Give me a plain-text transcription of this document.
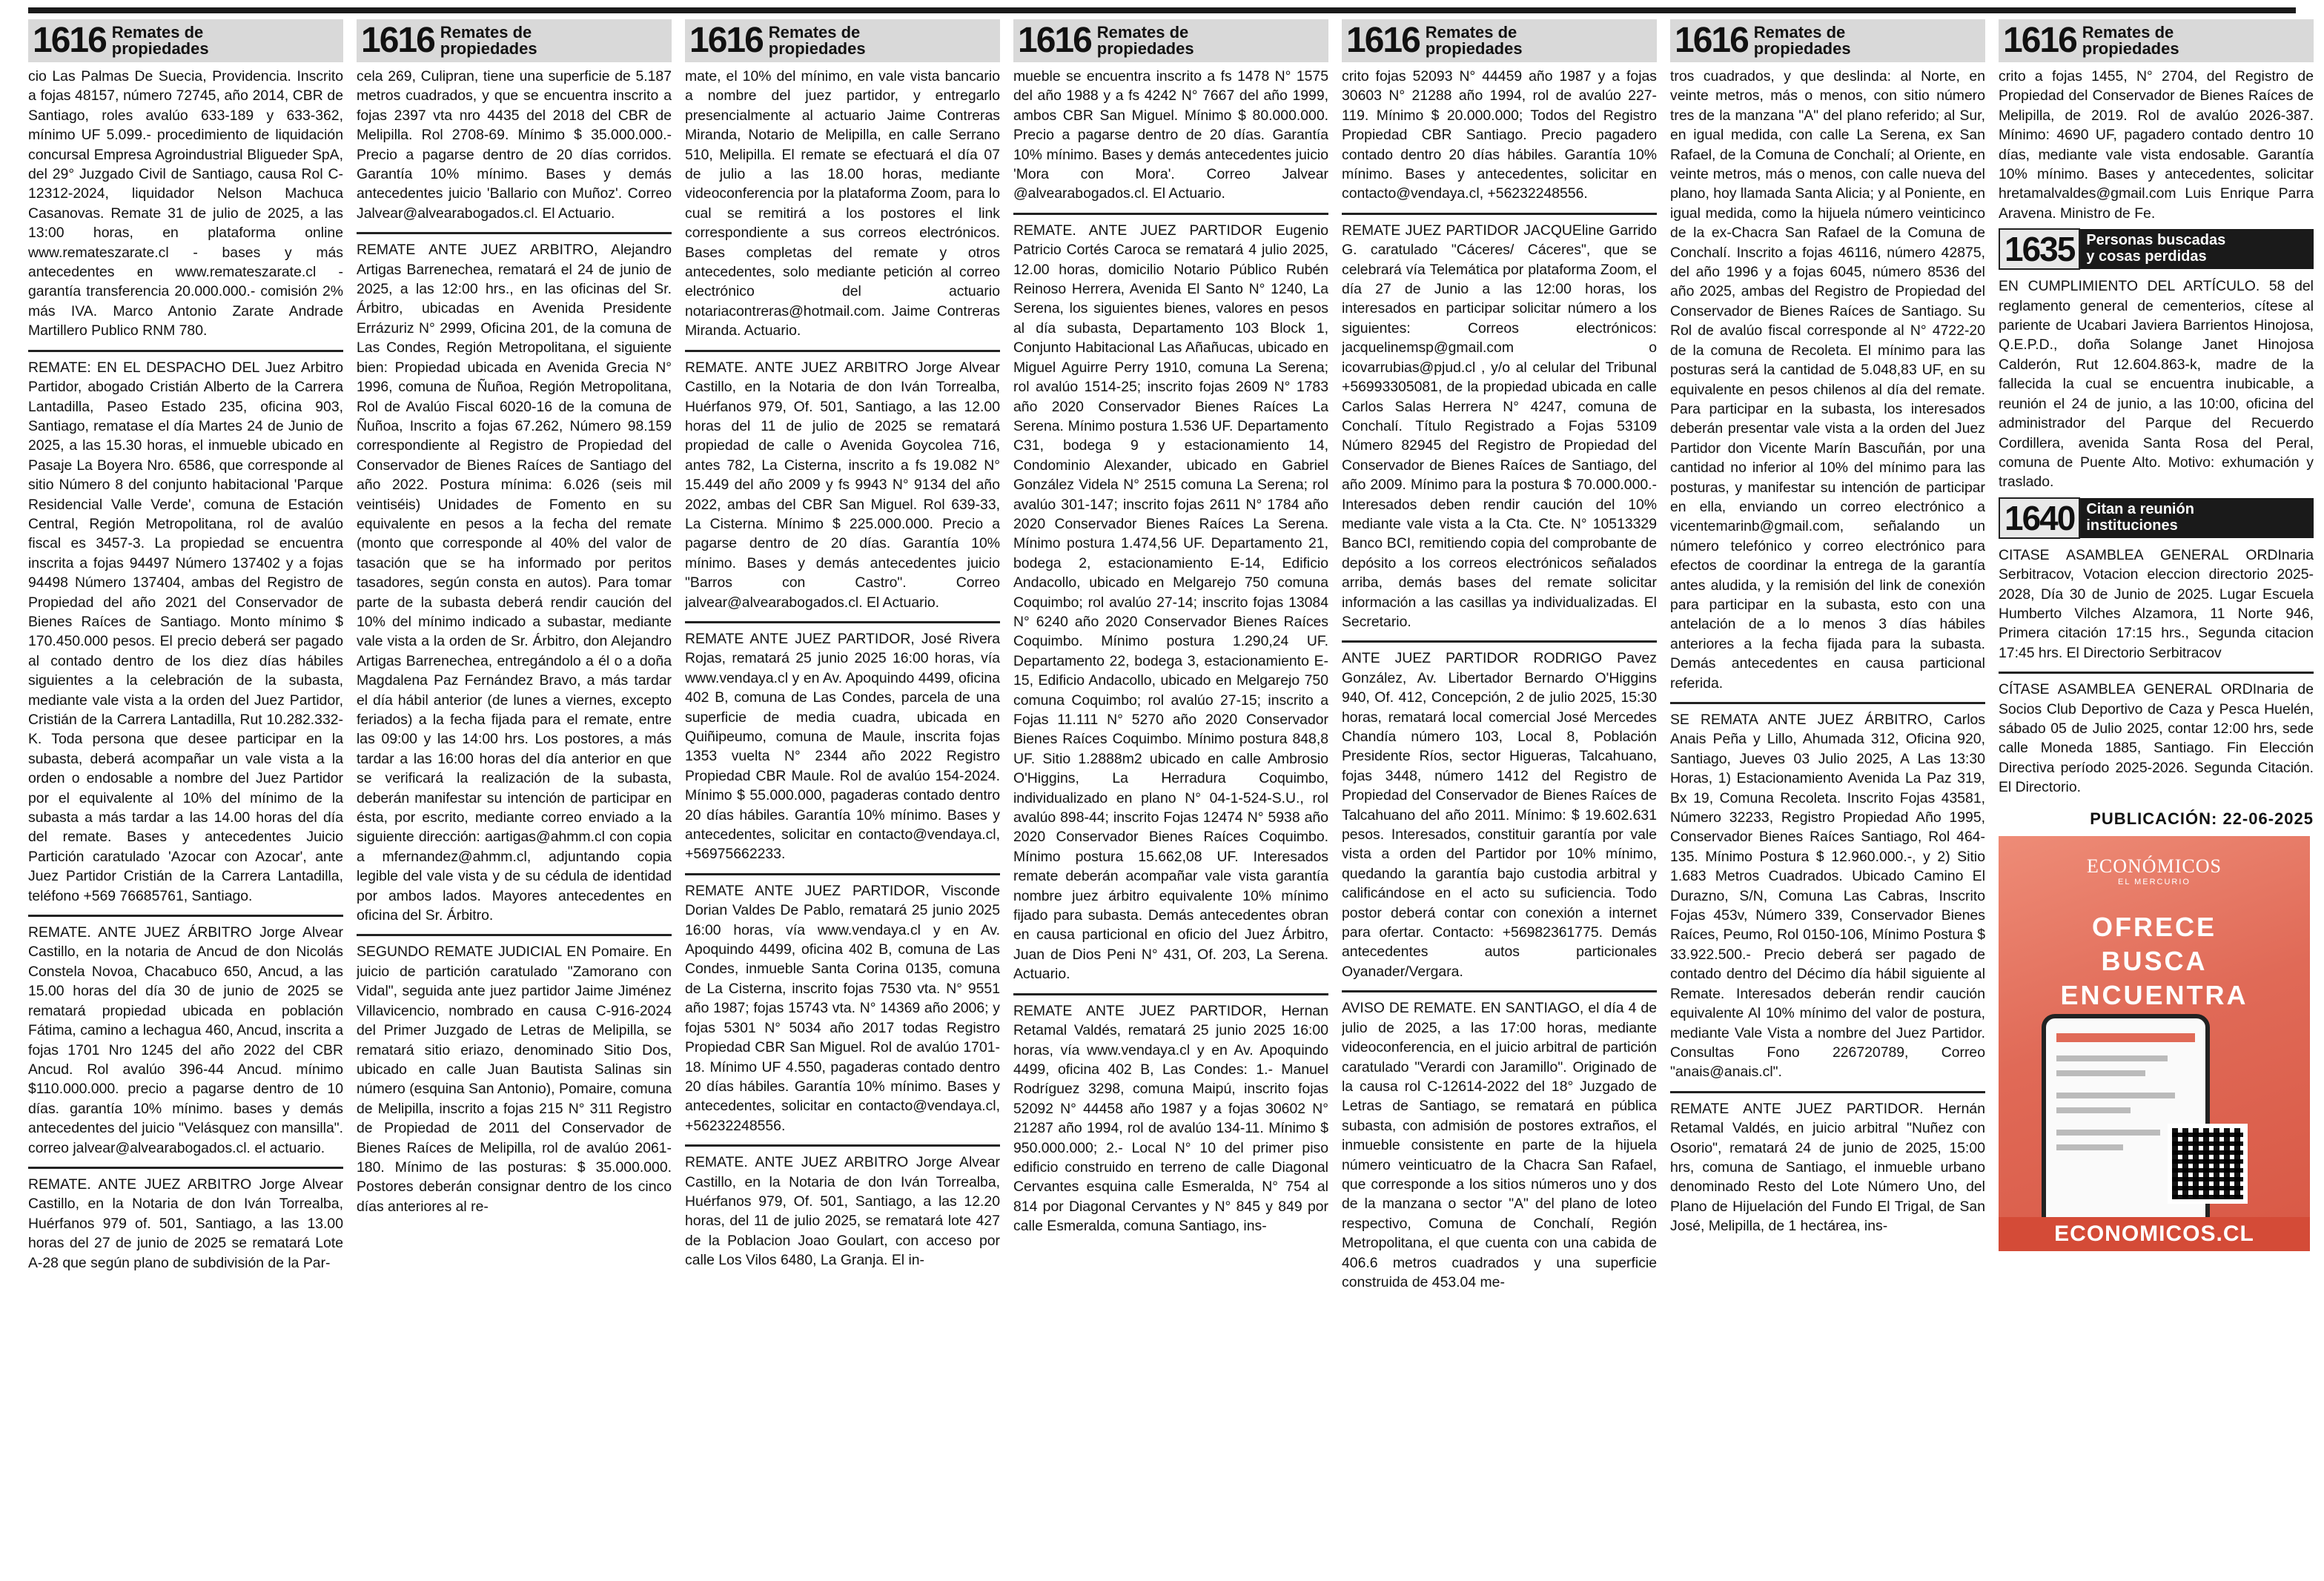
1616 Remates de
propiedades

cio Las Palmas De Suecia, Providencia. Inscrito a fojas 48157, número 72745, año 2014, CBR de Santiago, roles avalúo 633-189 y 633-362, mínimo UF 5.099.- procedimiento de liquidación concursal Empresa Agroindustrial Bligueder SpA, del 29° Juzgado Civil de Santiago, causa Rol C-12312-2024, liquidador Nelson Machuca Casanovas. Remate 31 de julio de 2025, a las 13:00 horas, en plataforma online www.remateszarate.cl - bases y más antecedentes en www.remateszarate.cl - garantía transferencia 20.000.000.- comisión 2% más IVA. Marco Antonio Zarate Andrade Martillero Publico RNM 780.

REMATE: EN EL DESPACHO DEL Juez Arbitro Partidor, abogado Cristián Alberto de la Carrera Lantadilla, Paseo Estado 235, oficina 903, Santiago, rematase el día Martes 24 de Junio de 2025, a las 15.30 horas, el inmueble ubicado en Pasaje La Boyera Nro. 6586, que corresponde al sitio Número 8 del conjunto habitacional 'Parque Residencial Valle Verde', comuna de Estación Central, Región Metropolitana, rol de avalúo fiscal es 3457-3. La propiedad se encuentra inscrita a fojas 94497 Número 137402 y a fojas 94498 Número 137404, ambas del Registro de Propiedad del año 2021 del Conservador de Bienes Raíces de Santiago. Monto mínimo $ 170.450.000 pesos. El precio deberá ser pagado al contado dentro de los diez días hábiles siguientes a la celebración de la subasta, mediante vale vista a la orden del Juez Partidor, Cristián de la Carrera Lantadilla, Rut 10.282.332-K. Toda persona que desee participar en la subasta, deberá acompañar un vale vista a la orden o endosable a nombre del Juez Partidor por el equivalente al 10% del mínimo de la subasta a más tardar a las 14.00 horas del día del remate. Bases y antecedentes Juicio Partición caratulado 'Azocar con Azocar', ante Juez Partidor Cristián de la Carrera Lantadilla, teléfono +569 76685761, Santiago.

REMATE. ANTE JUEZ ÁRBITRO Jorge Alvear Castillo, en la notaria de Ancud de don Nicolás Constela Novoa, Chacabuco 650, Ancud, a las 15.00 horas del día 30 de junio de 2025 se rematará propiedad ubicada en población Fátima, camino a lechagua 460, Ancud, inscrita a fojas 1701 Nro 1245 del año 2022 del CBR Ancud. Rol avalúo 396-44 Ancud. mínimo $110.000.000. precio a pagarse dentro de 10 días. garantía 10% mínimo. bases y demás antecedentes del juicio "Velásquez con mansilla". correo jalvear@alvearabogados.cl. el actuario.

REMATE. ANTE JUEZ ARBITRO Jorge Alvear Castillo, en la Notaria de don Iván Torrealba, Huérfanos 979 of. 501, Santiago, a las 13.00 horas del 27 de junio de 2025 se rematará Lote A-28 que según plano de subdivisión de la Par-

1616 Remates de
propiedades

cela 269, Culipran, tiene una superficie de 5.187 metros cuadrados, y que se encuentra inscrito a fojas 2397 vta nro 4435 del 2018 del CBR de Melipilla. Rol 2708-69. Mínimo $ 35.000.000.- Precio a pagarse dentro de 20 días corridos. Garantía 10% mínimo. Bases y demás antecedentes juicio 'Ballario con Muñoz'. Correo Jalvear@alvearabogados.cl. El Actuario.

REMATE ANTE JUEZ ARBITRO, Alejandro Artigas Barrenechea, rematará el 24 de junio de 2025, a las 12:00 hrs., en las oficinas del Sr. Árbitro, ubicadas en Avenida Presidente Errázuriz N° 2999, Oficina 201, de la comuna de Las Condes, Región Metropolitana, el siguiente bien: Propiedad ubicada en Avenida Grecia N° 1996, comuna de Ñuñoa, Región Metropolitana, Rol de Avalúo Fiscal 6020-16 de la comuna de Ñuñoa, Inscrito a fojas 67.262, Número 98.159 correspondiente al Registro de Propiedad del Conservador de Bienes Raíces de Santiago del año 2022. Postura mínima: 6.026 (seis mil veintiséis) Unidades de Fomento en su equivalente en pesos a la fecha del remate (monto que corresponde al 40% del valor de tasación que se ha informado por peritos tasadores, según consta en autos). Para tomar parte de la subasta deberá rendir caución del 10% del mínimo indicado a subastar, mediante vale vista a la orden de Sr. Árbitro, don Alejandro Artigas Barrenechea, entregándolo a él o a doña Magdalena Paz Fernández Bravo, a más tardar el día hábil anterior (de lunes a viernes, excepto feriados) a la fecha fijada para el remate, entre las 09:00 y las 14:00 hrs. Los postores, a más tardar a las 16:00 horas del día anterior en que se verificará la realización de la subasta, deberán manifestar su intención de participar en ésta, por escrito, mediante correo enviado a la siguiente dirección: aartigas@ahmm.cl con copia a mfernandez@ahmm.cl, adjuntando copia legible del vale vista y de su cédula de identidad por ambos lados. Mayores antecedentes en oficina del Sr. Árbitro.

SEGUNDO REMATE JUDICIAL EN Pomaire. En juicio de partición caratulado "Zamorano con Vidal", seguida ante juez partidor Jaime Jiménez Villavicencio, nombrado en causa C-916-2024 del Primer Juzgado de Letras de Melipilla, se rematará sitio eriazo, denominado Sitio Dos, ubicado en calle Juan Bautista Salinas sin número (esquina San Antonio), Pomaire, comuna de Melipilla, inscrito a fojas 215 N° 311 Registro de Propiedad de 2011 del Conservador de Bienes Raíces de Melipilla, rol de avalúo 2061-180. Mínimo de las posturas: $ 35.000.000. Postores deberán consignar dentro de los cinco días anteriores al re-

1616 Remates de
propiedades

mate, el 10% del mínimo, en vale vista bancario a nombre del juez partidor, y entregarlo presencialmente al actuario Jaime Contreras Miranda, Notario de Melipilla, en calle Serrano 510, Melipilla. El remate se efectuará el día 07 de julio a las 18.00 horas, mediante videoconferencia por la plataforma Zoom, para lo cual se remitirá a los postores el link correspondiente a sus correos electrónicos. Bases completas del remate y otros antecedentes, solo mediante petición al correo electrónico del actuario notariacontreras@hotmail.com. Jaime Contreras Miranda. Actuario.

REMATE. ANTE JUEZ ARBITRO Jorge Alvear Castillo, en la Notaria de don Iván Torrealba, Huérfanos 979, Of. 501, Santiago, a las 12.00 horas del 11 de julio de 2025 se rematará propiedad de calle o Avenida Goycolea 716, antes 782, La Cisterna, inscrito a fs 19.082 N° 15.449 del año 2009 y fs 9943 N° 9134 del año 2022, ambas del CBR San Miguel. Rol 639-33, La Cisterna. Mínimo $ 225.000.000. Precio a pagarse dentro de 20 días. Garantía 10% mínimo. Bases y demás antecedentes juicio "Barros con Castro". Correo jalvear@alvearabogados.cl. El Actuario.

REMATE ANTE JUEZ PARTIDOR, José Rivera Rojas, rematará 25 junio 2025 16:00 horas, vía www.vendaya.cl y en Av. Apoquindo 4499, oficina 402 B, comuna de Las Condes, parcela de una superficie de media cuadra, ubicada en Quiñipeumo, comuna de Maule, inscrita fojas 1353 vuelta N° 2344 año 2022 Registro Propiedad CBR Maule. Rol de avalúo 154-2024. Mínimo $ 55.000.000, pagaderas contado dentro 20 días hábiles. Garantía 10% mínimo. Bases y antecedentes, solicitar en contacto@vendaya.cl, +56975662233.

REMATE ANTE JUEZ PARTIDOR, Visconde Dorian Valdes De Pablo, rematará 25 junio 2025 16:00 horas, vía www.vendaya.cl y en Av. Apoquindo 4499, oficina 402 B, comuna de Las Condes, inmueble Santa Corina 0135, comuna de La Cisterna, inscrito fojas 7530 vta. N° 9551 año 1987; fojas 15743 vta. N° 14369 año 2006; y fojas 5301 N° 5034 año 2017 todas Registro Propiedad CBR San Miguel. Rol de avalúo 1701-18. Mínimo UF 4.550, pagaderas contado dentro 20 días hábiles. Garantía 10% mínimo. Bases y antecedentes, solicitar en contacto@vendaya.cl, +56232248556.

REMATE. ANTE JUEZ ARBITRO Jorge Alvear Castillo, en la Notaria de don Iván Torrealba, Huérfanos 979, Of. 501, Santiago, a las 12.20 horas, del 11 de julio 2025, se rematará lote 427 de la Poblacion Joao Goulart, con acceso por calle Los Vilos 6480, La Granja. El in-

1616 Remates de
propiedades

mueble se encuentra inscrito a fs 1478 N° 1575 del año 1988 y a fs 4242 N° 7667 del año 1999, ambos CBR San Miguel. Mínimo $ 80.000.000. Precio a pagarse dentro de 20 días. Garantía 10% mínimo. Bases y demás antecedentes juicio 'Mora con Mora'. Correo Jalvear @alvearabogados.cl. El Actuario.

REMATE. ANTE JUEZ PARTIDOR Eugenio Patricio Cortés Caroca se rematará 4 julio 2025, 12.00 horas, domicilio Notario Público Rubén Reinoso Herrera, Avenida El Santo N° 1240, La Serena, los siguientes bienes, valores en pesos al día subasta, Departamento 103 Block 1, Conjunto Habitacional Las Añañucas, ubicado en Miguel Aguirre Perry 1910, comuna La Serena; rol avalúo 1514-25; inscrito fojas 2609 N° 1783 año 2020 Conservador Bienes Raíces La Serena. Mínimo postura 1.536 UF. Departamento C31, bodega 9 y estacionamiento 14, Condominio Alexander, ubicado en Gabriel González Videla N° 2515 comuna La Serena; rol avalúo 301-147; inscrito fojas 2611 N° 1784 año 2020 Conservador Bienes Raíces La Serena. Mínimo postura 1.474,56 UF. Departamento 21, bodega 2, estacionamiento E-14, Edificio Andacollo, ubicado en Melgarejo 750 comuna Coquimbo; rol avalúo 27-14; inscrito fojas 13084 N° 6240 año 2020 Conservador Bienes Raíces Coquimbo. Mínimo postura 1.290,24 UF. Departamento 22, bodega 3, estacionamiento E-15, Edificio Andacollo, ubicado en Melgarejo 750 comuna Coquimbo; rol avalúo 27-15; inscrito a Fojas 11.111 N° 5270 año 2020 Conservador Bienes Raíces Coquimbo. Mínimo postura 848,8 UF. Sitio 1.2888m2 ubicado en calle Ambrosio O'Higgins, La Herradura Coquimbo, individualizado en plano N° 04-1-524-S.U., rol avalúo 898-44; inscrito Fojas 12474 N° 5938 año 2020 Conservador Bienes Raíces Coquimbo. Mínimo postura 15.662,08 UF. Interesados remate deberán acompañar vale vista garantía nombre juez árbitro equivalente 10% mínimo fijado para subasta. Demás antecedentes obran en causa particional en oficio del Juez Árbitro, Juan de Dios Peni N° 431, Of. 203, La Serena. Actuario.

REMATE ANTE JUEZ PARTIDOR, Hernan Retamal Valdés, rematará 25 junio 2025 16:00 horas, vía www.vendaya.cl y en Av. Apoquindo 4499, oficina 402 B, Las Condes: 1.- Manuel Rodríguez 3298, comuna Maipú, inscrito fojas 52092 N° 44458 año 1987 y a fojas 30602 N° 21287 año 1994, rol de avalúo 134-11. Mínimo $ 950.000.000; 2.- Local N° 10 del primer piso edificio construido en terreno de calle Diagonal Cervantes esquina calle Esmeralda, N° 754 al 814 por Diagonal Cervantes y N° 845 y 849 por calle Esmeralda, comuna Santiago, ins-

1616 Remates de
propiedades

crito fojas 52093 N° 44459 año 1987 y a fojas 30603 N° 21288 año 1994, rol de avalúo 227-119. Mínimo $ 20.000.000; Todos del Registro Propiedad CBR Santiago. Precio pagadero contado dentro 20 días hábiles. Garantía 10% mínimo. Bases y antecedentes, solicitar en contacto@vendaya.cl, +56232248556.

REMATE JUEZ PARTIDOR JACQUEline Garrido G. caratulado "Cáceres/ Cáceres", que se celebrará vía Telemática por plataforma Zoom, el día 27 de Junio a las 12:00 horas, los interesados en participar solicitar número a los siguientes: Correos electrónicos: jacquelinemsp@gmail.com o icovarrubias@pjud.cl , y/o al celular del Tribunal +56993305081, de la propiedad ubicada en calle Carlos Salas Herrera N° 4247, comuna de Conchalí. Título Registrado a Fojas 53109 Número 82945 del Registro de Propiedad del Conservador de Bienes Raíces de Santiago, del año 2009. Mínimo para la postura $ 70.000.000.- Interesados deben rendir caución del 10% mediante vale vista a la Cta. Cte. N° 10513329 Banco BCI, remitiendo copia del comprobante de depósito a los correos electrónicos señalados arriba, demás bases del remate solicitar información a las casillas ya individualizadas. El Secretario.

ANTE JUEZ PARTIDOR RODRIGO Pavez González, Av. Libertador Bernardo O'Higgins 940, Of. 412, Concepción, 2 de julio 2025, 15:30 horas, rematará local comercial José Mercedes Chandía número 103, Local 8, Población Presidente Ríos, sector Higueras, Talcahuano, fojas 3448, número 1412 del Registro de Propiedad del Conservador de Bienes Raíces de Talcahuano del año 2011. Mínimo: $ 19.602.631 pesos. Interesados, constituir garantía por vale vista a orden del Partidor por 10% mínimo, quedando la garantía bajo custodia arbitral y calificándose en el acto su suficiencia. Todo postor deberá contar con conexión a internet para ofertar. Contacto: +56982361775. Demás antecedentes autos particionales Oyanader/Vergara.

AVISO DE REMATE. EN SANTIAGO, el día 4 de julio de 2025, a las 17:00 horas, mediante videoconferencia, en el juicio arbitral de partición caratulado "Verardi con Jaramillo". Originado de la causa rol C-12614-2022 del 18° Juzgado de Letras de Santiago, se rematará en pública subasta, con admisión de postores extraños, el inmueble consistente en parte de la hijuela número veinticuatro de la Chacra San Rafael, que corresponde a los sitios números uno y dos de la manzana o sector "A" del plano de loteo respectivo, Comuna de Conchalí, Región Metropolitana, el que cuenta con una cabida de 406.6 metros cuadrados y una superficie construida de 453.04 me-

1616 Remates de
propiedades

tros cuadrados, y que deslinda: al Norte, en veinte metros, más o menos, con sitio número tres de la manzana "A" del plano referido; al Sur, en igual medida, con calle La Serena, ex San Rafael, de la Comuna de Conchalí; al Oriente, en veinte metros, más o menos, con calle nueva del plano, hoy llamada Santa Alicia; y al Poniente, en igual medida, como la hijuela número veinticinco de la ex-Chacra San Rafael de la Comuna de Conchalí. Inscrito a fojas 46116, número 42875, del año 1996 y a fojas 6045, número 8536 del año 2025, ambas del Registro de Propiedad del Conservador de Bienes Raíces de Santiago. Su Rol de avalúo fiscal corresponde al N° 4722-20 de la comuna de Recoleta. El mínimo para las posturas será la cantidad de 5.048,83 UF, en su equivalente en pesos chilenos al día del remate. Para participar en la subasta, los interesados deberán presentar vale vista a la orden del Juez Partidor don Vicente Marín Bascuñán, por una cantidad no inferior al 10% del mínimo para las posturas, y manifestar su intención de participar en ella, enviando un correo electrónico a vicentemarinb@gmail.com, señalando un número telefónico y correo electrónico para efectos de coordinar la entrega de la garantía antes aludida, y la remisión del link de conexión para participar en la subasta, esto con una antelación de a lo menos 3 días hábiles anteriores a la fecha fijada para la subasta. Demás antecedentes en causa particional referida.

SE REMATA ANTE JUEZ ÁRBITRO, Carlos Anais Peña y Lillo, Ahumada 312, Oficina 920, Santiago, Jueves 03 Julio 2025, A Las 13:30 Horas, 1) Estacionamiento Avenida La Paz 319, Bx 19, Comuna Recoleta. Inscrito Fojas 43581, Número 32233, Registro Propiedad Año 1995, Conservador Bienes Raíces Santiago, Rol 464-135. Mínimo Postura $ 12.960.000.-, y 2) Sitio 1.683 Metros Cuadrados. Ubicado Camino El Durazno, S/N, Comuna Las Cabras, Inscrito Fojas 453v, Número 339, Conservador Bienes Raíces, Peumo, Rol 0150-106, Mínimo Postura $ 33.922.500.- Precio deberá ser pagado de contado dentro del Décimo día hábil siguiente al Remate. Interesados deberán rendir caución equivalente Al 10% mínimo del valor de postura, mediante Vale Vista a nombre del Juez Partidor. Consultas Fono 226720789, Correo "anais@anais.cl".

REMATE ANTE JUEZ PARTIDOR. Hernán Retamal Valdés, en juicio arbitral "Nuñez con Osorio", rematará 24 de junio de 2025, 15:00 hrs, comuna de Santiago, el inmueble urbano denominado Resto del Lote Número Uno, del Plano de Hijuelación del Fundo El Trigal, de San José, Melipilla, de 1 hectárea, ins-

1616 Remates de
propiedades

crito a fojas 1455, N° 2704, del Registro de Propiedad del Conservador de Bienes Raíces de Melipilla, de 2019. Rol de avalúo 2026-387. Mínimo: 4690 UF, pagadero contado dentro 10 días, mediante vale vista endosable. Garantía 10% mínimo. Bases y antecedentes, solicitar hretamalvaldes@gmail.com Luis Enrique Parra Aravena. Ministro de Fe.

1635 Personas buscadas
y cosas perdidas

EN CUMPLIMIENTO DEL ARTÍCULO. 58 del reglamento general de cementerios, cítese al pariente de Ucabari Javiera Barrientos Hinojosa, Q.E.P.D., doña Solange Janet Hinojosa Calderón, Rut 12.604.863-k, madre de la fallecida la cual se encuentra inubicable, a reunión el 24 de junio, a las 10:00, oficina del administrador del Parque del Recuerdo Cordillera, avenida Santa Rosa del Peral, comuna de Puente Alto. Motivo: exhumación y traslado.

1640 Citan a reunión
instituciones

CITASE ASAMBLEA GENERAL ORDInaria Serbitracov, Votacion eleccion directorio 2025-2028, Día 30 de Junio de 2025. Lugar Escuela Humberto Vilches Alzamora, 11 Norte 946, Primera citación 17:15 hrs., Segunda citacion 17:45 hrs. El Directorio Serbitracov

CÍTASE ASAMBLEA GENERAL ORDInaria de Socios Club Deportivo de Caza y Pesca Huelén, sábado 05 de Julio 2025, contar 12:00 hrs, sede calle Moneda 1885, Santiago. Fin Elección Directiva período 2025-2026. Segunda Citación. El Directorio.

PUBLICACIÓN: 22-06-2025
ECONÓMICOS
EL MERCURIO
OFRECE
BUSCA
ENCUENTRA
ECONOMICOS.CL
